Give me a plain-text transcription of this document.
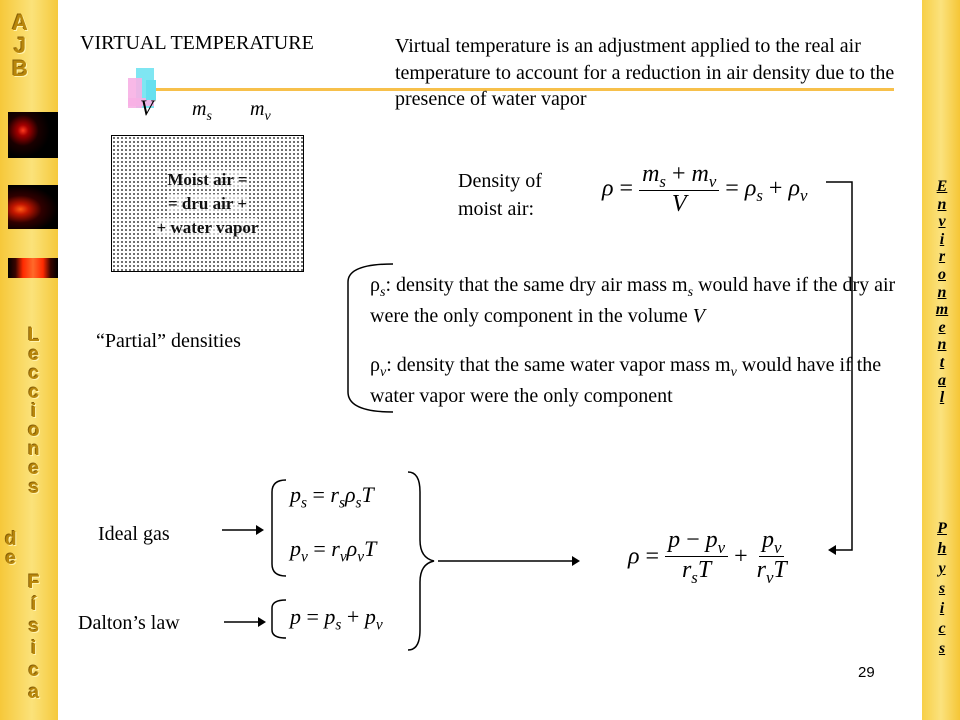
A
J
B
L
e
c
c
i
o
n
e
s
d
e
F
í
s
i
c
a
E
n
v
i
r
o
n
m
e
n
t
a
l
P
h
y
s
i
c
s
VIRTUAL TEMPERATURE	Virtual temperature is an adjustment applied to the real air temperature to account for a reduction in air density due to the presence of water vapor
V $m_s$ $m_v$
Moist air =
= dru air +
+ water vapor
Density of
moist air:
$\rho = \frac{m_s + m_v}{V} = \rho_s + \rho_v$
$\rho_s$: density that the same dry air mass $m_s$ would have if the dry air were the only component in the volume V
$\rho_v$: density that the same water vapor mass $m_v$ would have if the water vapor were the only component
“Partial” densities
Ideal gas
Dalton’s law
$p_s = r_s\rho_sT$
$p_v = r_v\rho_vT$
$p = p_s + p_v$
$\rho = \frac{p - p_v}{r_sT} + \frac{p_v}{r_vT}$
29
